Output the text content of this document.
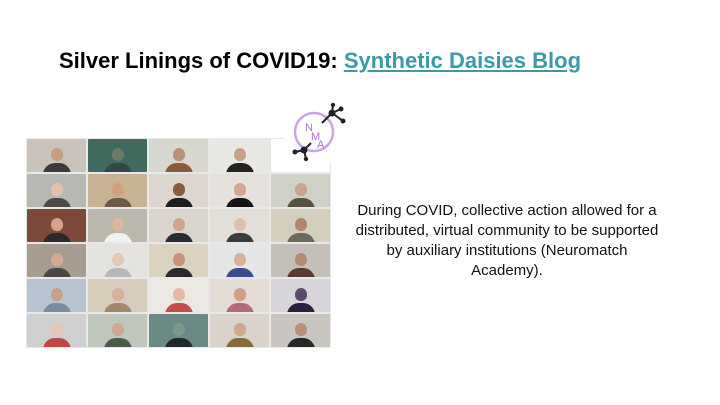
Silver Linings of COVID19: Synthetic Daisies Blog
N
M
A
During COVID, collective action allowed for a distributed, virtual community to be supported by auxiliary institutions (Neuromatch Academy).
